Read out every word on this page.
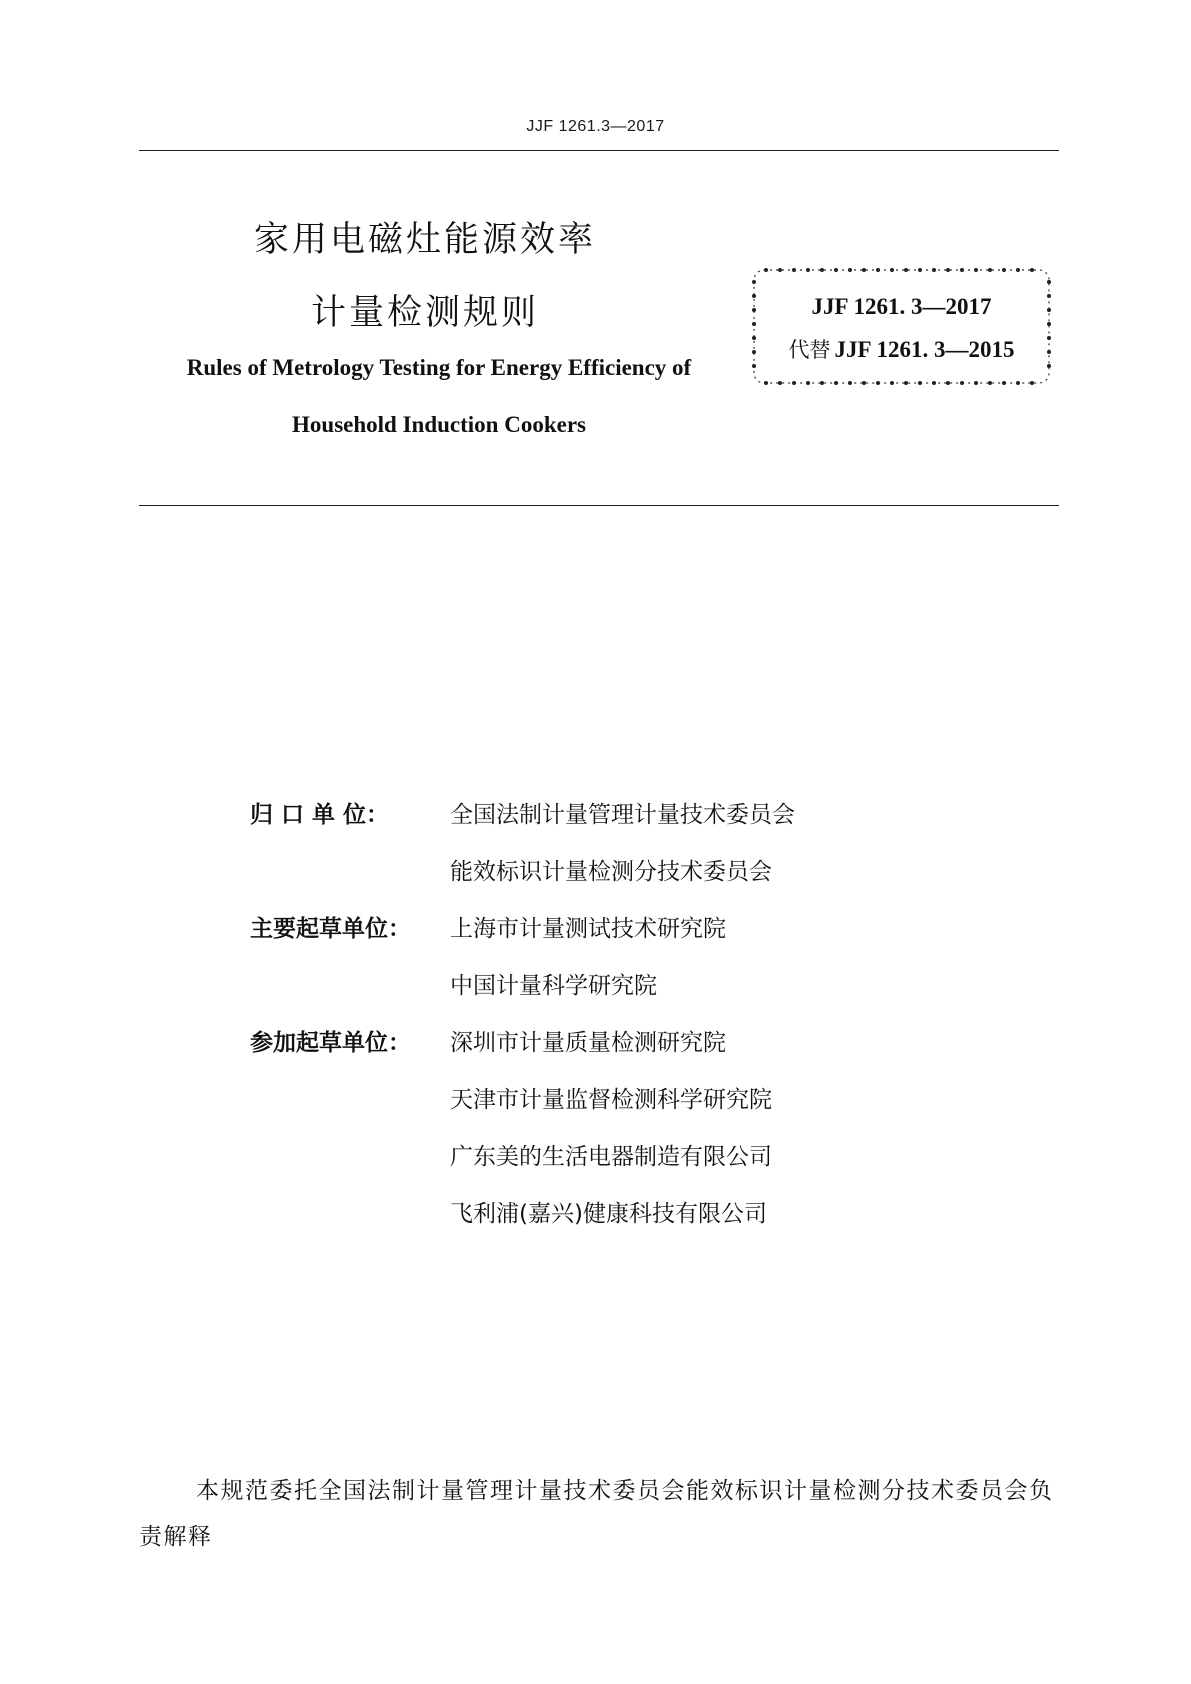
JJF 1261.3—2017
家用电磁灶能源效率
计量检测规则
Rules of Metrology Testing for Energy Efficiency of
Household Induction Cookers
JJF 1261. 3—2017
代替 JJF 1261. 3—2015
归 口 单 位：	全国法制计量管理计量技术委员会
能效标识计量检测分技术委员会
主要起草单位：	上海市计量测试技术研究院
中国计量科学研究院
参加起草单位：	深圳市计量质量检测研究院
天津市计量监督检测科学研究院
广东美的生活电器制造有限公司
飞利浦(嘉兴)健康科技有限公司
本规范委托全国法制计量管理计量技术委员会能效标识计量检测分技术委员会负责解释
